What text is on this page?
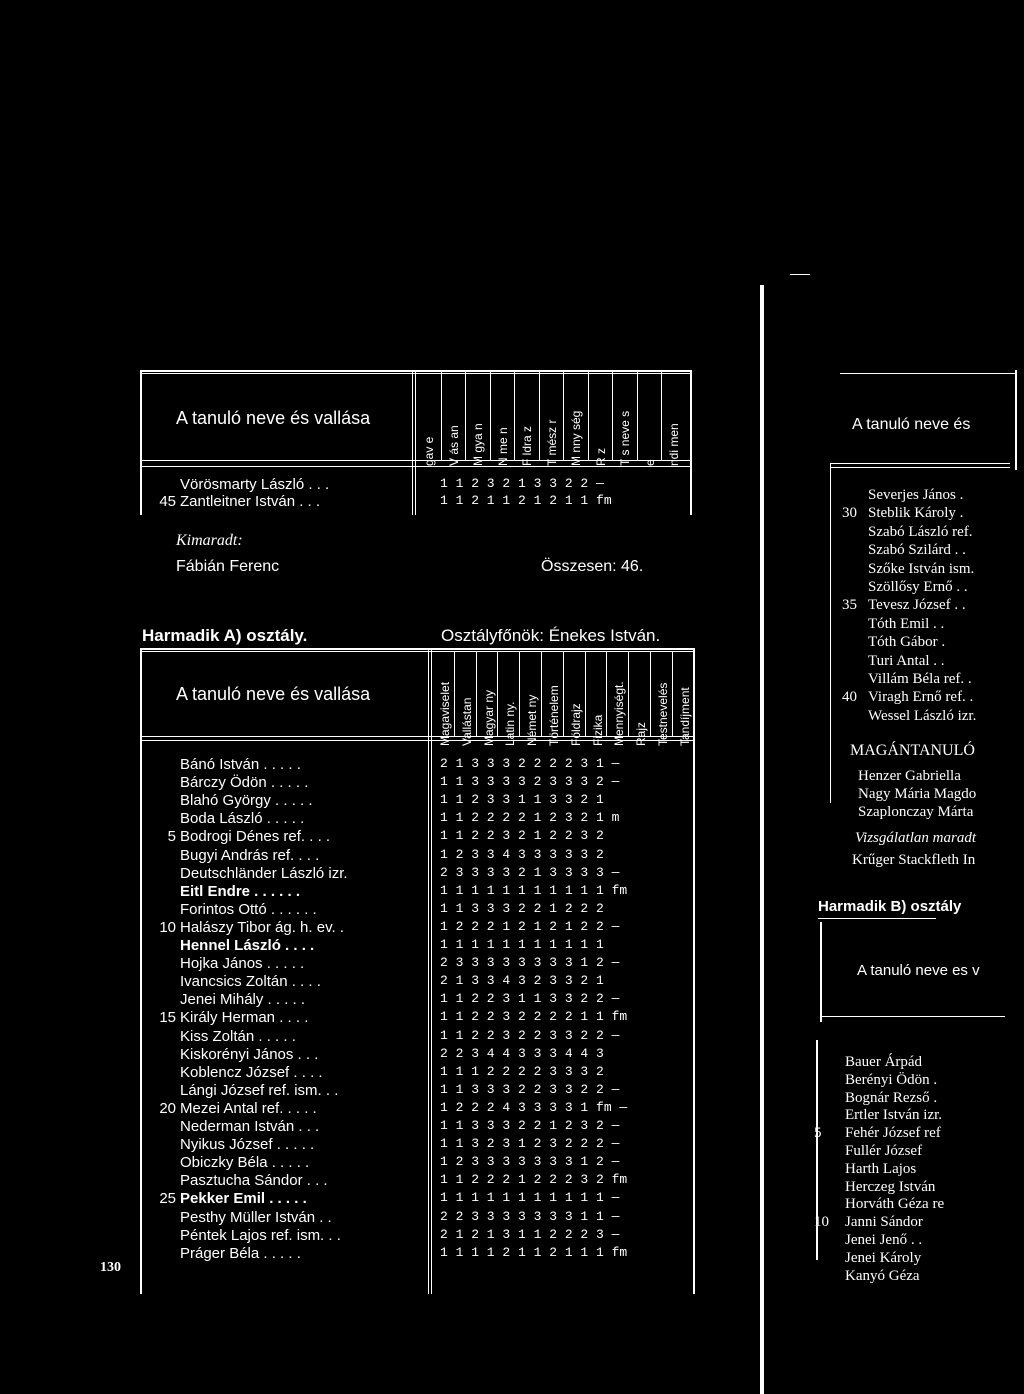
130
A tanuló neve és vallása
gav e V ás an M gya n N me n F ldra z T mész r M nny ség R z T s neve s e ndi men
Vörösmarty László . . .	1 1 2 3 2 1 3 3 2 2 —
45 Zantleitner István . . .	1 1 2 1 1 2 1 2 1 1 fm
Kimaradt:
Fábián Ferenc	Összesen: 46.
Harmadik A) osztály.	Osztályfőnök: Énekes István.
A tanuló neve és vallása	Magaviselet Vallástan Magyar ny Latin ny. Német ny Történelem Földrajz Fizika Mennyiségt. Rajz Testnevelés Tandíjment
Bánó István . . . . .	2 1 3 3 3 2 2 2 2 3 1 —
Bárczy Ödön . . . . .	1 1 3 3 3 3 2 3 3 3 2 —
Blahó György . . . . .	1 1 2 3 3 1 1 3 3 2 1
Boda László . . . . .	1 1 2 2 2 2 1 2 3 2 1 m
5 Bodrogi Dénes ref. . . .	1 1 2 2 3 2 1 2 2 3 2
Bugyi András ref. . . .	1 2 3 3 4 3 3 3 3 3 2
Deutschländer László izr.	2 3 3 3 3 2 1 3 3 3 3 —
Eitl Endre . . . . . .	1 1 1 1 1 1 1 1 1 1 1 fm
Forintos Ottó . . . . . .	1 1 3 3 3 2 2 1 2 2 2
10 Halászy Tibor ág. h. ev. .	1 2 2 2 1 2 1 2 1 2 2 —
Hennel László . . . .	1 1 1 1 1 1 1 1 1 1 1
Hojka János . . . . .	2 3 3 3 3 3 3 3 3 1 2 —
Ivancsics Zoltán . . . .	2 1 3 3 4 3 2 3 3 2 1
Jenei Mihály . . . . .	1 1 2 2 3 1 1 3 3 2 2 —
15 Király Herman . . . .	1 1 2 2 3 2 2 2 2 1 1 fm
Kiss Zoltán . . . . .	1 1 2 2 3 2 2 3 3 2 2 —
Kiskorényi János . . .	2 2 3 4 4 3 3 3 4 4 3
Koblencz József . . . .	1 1 1 2 2 2 2 3 3 3 2
Lángi József ref. ism. . .	1 1 3 3 3 2 2 3 3 2 2 —
20 Mezei Antal ref. . . . .	1 2 2 2 4 3 3 3 3 1 fm —
Nederman István . . .	1 1 3 3 3 2 2 1 2 3 2 —
Nyikus József . . . . .	1 1 3 2 3 1 2 3 2 2 2 —
Obiczky Béla . . . . .	1 2 3 3 3 3 3 3 3 1 2 —
Pasztucha Sándor . . .	1 1 2 2 2 1 2 2 2 3 2 fm
25 Pekker Emil . . . . .	1 1 1 1 1 1 1 1 1 1 1 —
Pesthy Müller István . .	2 2 3 3 3 3 3 3 3 1 1 —
Péntek Lajos ref. ism. . .	2 1 2 1 3 1 1 2 2 2 3 —
Práger Béla . . . . .	1 1 1 1 2 1 1 2 1 1 1 fm
A tanuló neve és
Severjes János .
30 Steblik Károly .
Szabó László ref.
Szabó Szilárd . .
Szőke István ism.
Szöllősy Ernő . .
35 Tevesz József . .
Tóth Emil . .
Tóth Gábor .
Turi Antal . .
Villám Béla ref. .
40 Viragh Ernő ref. .
Wessel László izr.
MAGÁNTANULÓ
Henzer Gabriella
Nagy Mária Magdo
Szaplonczay Márta
Vizsgálatlan maradt
Krűger Stackfleth In
Harmadik B) osztály
A tanuló neve es v
Bauer Árpád
Berényi Ödön .
Bognár Rezső .
Ertler István izr.
5 Fehér József ref
Fullér József
Harth Lajos
Herczeg István
Horváth Géza re
10 Janni Sándor
Jenei Jenő . .
Jenei Károly
Kanyó Géza
